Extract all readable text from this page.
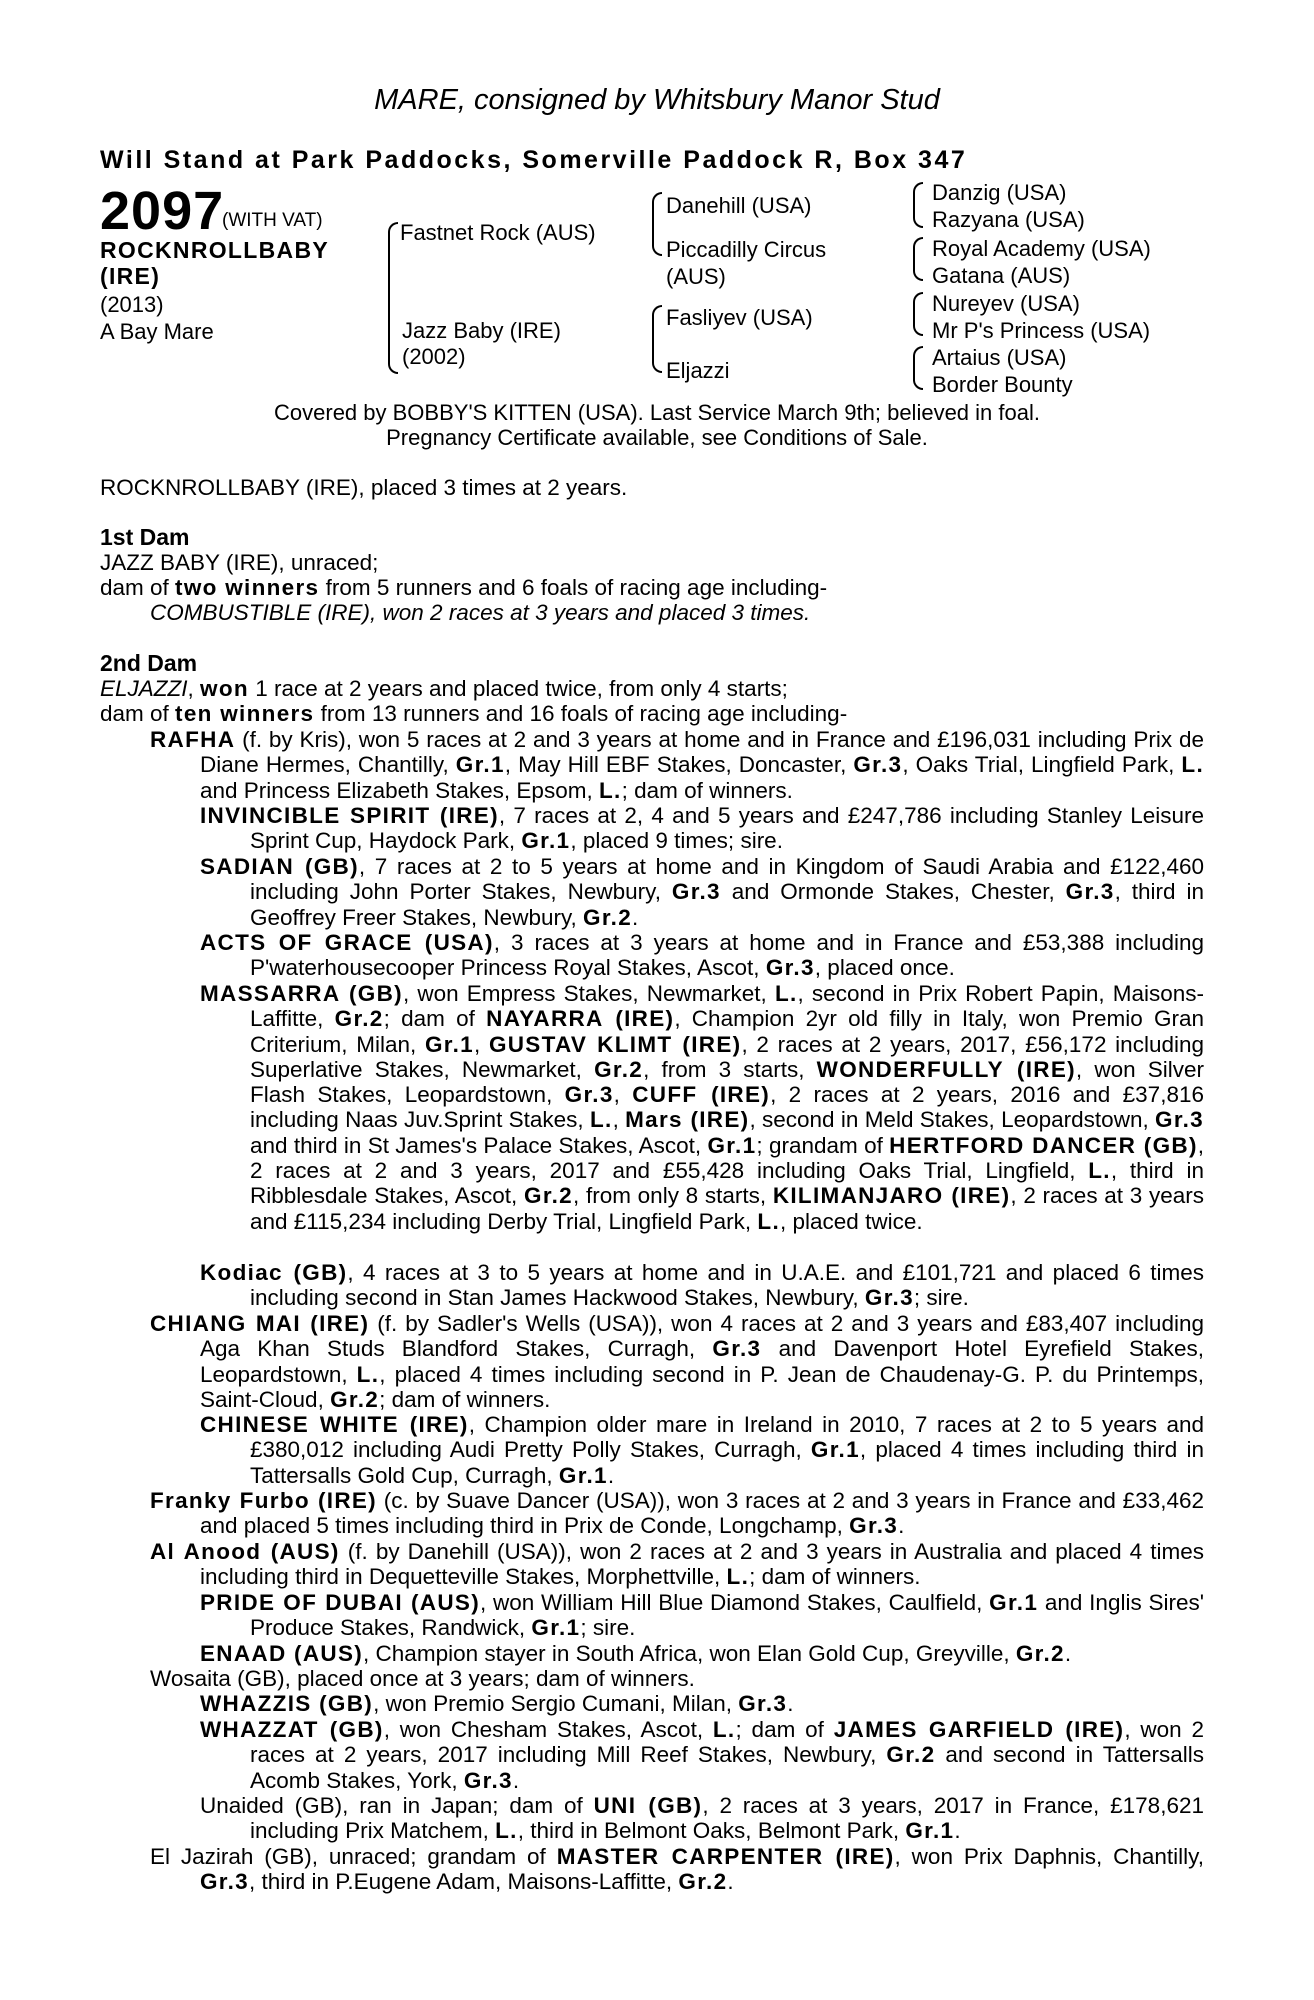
MARE, consigned by Whitsbury Manor Stud
Will Stand at Park Paddocks, Somerville Paddock R, Box 347
2097
(WITH VAT)
ROCKNROLLBABY
(IRE)
(2013)
A Bay Mare
Fastnet Rock (AUS)
Jazz Baby (IRE)
(2002)
Danehill (USA)
Piccadilly Circus
(AUS)
Fasliyev (USA)
Eljazzi
Danzig (USA)
Razyana (USA)
Royal Academy (USA)
Gatana (AUS)
Nureyev (USA)
Mr P's Princess (USA)
Artaius (USA)
Border Bounty
Covered by BOBBY'S KITTEN (USA). Last Service March 9th; believed in foal.
Pregnancy Certificate available, see Conditions of Sale.
ROCKNROLLBABY (IRE), placed 3 times at 2 years.
1st Dam
JAZZ BABY (IRE), unraced;
dam of two winners from 5 runners and 6 foals of racing age including-
COMBUSTIBLE (IRE), won 2 races at 3 years and placed 3 times.
2nd Dam
ELJAZZI, won 1 race at 2 years and placed twice, from only 4 starts;
dam of ten winners from 13 runners and 16 foals of racing age including-
RAFHA (f. by Kris), won 5 races at 2 and 3 years at home and in France and £196,031 including Prix de Diane Hermes, Chantilly, Gr.1, May Hill EBF Stakes, Doncaster, Gr.3, Oaks Trial, Lingfield Park, L. and Princess Elizabeth Stakes, Epsom, L.; dam of winners.
INVINCIBLE SPIRIT (IRE), 7 races at 2, 4 and 5 years and £247,786 including Stanley Leisure Sprint Cup, Haydock Park, Gr.1, placed 9 times; sire.
SADIAN (GB), 7 races at 2 to 5 years at home and in Kingdom of Saudi Arabia and £122,460 including John Porter Stakes, Newbury, Gr.3 and Ormonde Stakes, Chester, Gr.3, third in Geoffrey Freer Stakes, Newbury, Gr.2.
ACTS OF GRACE (USA), 3 races at 3 years at home and in France and £53,388 including P'waterhousecooper Princess Royal Stakes, Ascot, Gr.3, placed once.
MASSARRA (GB), won Empress Stakes, Newmarket, L., second in Prix Robert Papin, Maisons-Laffitte, Gr.2; dam of NAYARRA (IRE), Champion 2yr old filly in Italy, won Premio Gran Criterium, Milan, Gr.1, GUSTAV KLIMT (IRE), 2 races at 2 years, 2017, £56,172 including Superlative Stakes, Newmarket, Gr.2, from 3 starts, WONDERFULLY (IRE), won Silver Flash Stakes, Leopardstown, Gr.3, CUFF (IRE), 2 races at 2 years, 2016 and £37,816 including Naas Juv.Sprint Stakes, L., Mars (IRE), second in Meld Stakes, Leopardstown, Gr.3 and third in St James's Palace Stakes, Ascot, Gr.1; grandam of HERTFORD DANCER (GB), 2 races at 2 and 3 years, 2017 and £55,428 including Oaks Trial, Lingfield, L., third in Ribblesdale Stakes, Ascot, Gr.2, from only 8 starts, KILIMANJARO (IRE), 2 races at 3 years and £115,234 including Derby Trial, Lingfield Park, L., placed twice.
Kodiac (GB), 4 races at 3 to 5 years at home and in U.A.E. and £101,721 and placed 6 times including second in Stan James Hackwood Stakes, Newbury, Gr.3; sire.
CHIANG MAI (IRE) (f. by Sadler's Wells (USA)), won 4 races at 2 and 3 years and £83,407 including Aga Khan Studs Blandford Stakes, Curragh, Gr.3 and Davenport Hotel Eyrefield Stakes, Leopardstown, L., placed 4 times including second in P. Jean de Chaudenay-G. P. du Printemps, Saint-Cloud, Gr.2; dam of winners.
CHINESE WHITE (IRE), Champion older mare in Ireland in 2010, 7 races at 2 to 5 years and £380,012 including Audi Pretty Polly Stakes, Curragh, Gr.1, placed 4 times including third in Tattersalls Gold Cup, Curragh, Gr.1.
Franky Furbo (IRE) (c. by Suave Dancer (USA)), won 3 races at 2 and 3 years in France and £33,462 and placed 5 times including third in Prix de Conde, Longchamp, Gr.3.
Al Anood (AUS) (f. by Danehill (USA)), won 2 races at 2 and 3 years in Australia and placed 4 times including third in Dequetteville Stakes, Morphettville, L.; dam of winners.
PRIDE OF DUBAI (AUS), won William Hill Blue Diamond Stakes, Caulfield, Gr.1 and Inglis Sires' Produce Stakes, Randwick, Gr.1; sire.
ENAAD (AUS), Champion stayer in South Africa, won Elan Gold Cup, Greyville, Gr.2.
Wosaita (GB), placed once at 3 years; dam of winners.
WHAZZIS (GB), won Premio Sergio Cumani, Milan, Gr.3.
WHAZZAT (GB), won Chesham Stakes, Ascot, L.; dam of JAMES GARFIELD (IRE), won 2 races at 2 years, 2017 including Mill Reef Stakes, Newbury, Gr.2 and second in Tattersalls Acomb Stakes, York, Gr.3.
Unaided (GB), ran in Japan; dam of UNI (GB), 2 races at 3 years, 2017 in France, £178,621 including Prix Matchem, L., third in Belmont Oaks, Belmont Park, Gr.1.
El Jazirah (GB), unraced; grandam of MASTER CARPENTER (IRE), won Prix Daphnis, Chantilly, Gr.3, third in P.Eugene Adam, Maisons-Laffitte, Gr.2.
